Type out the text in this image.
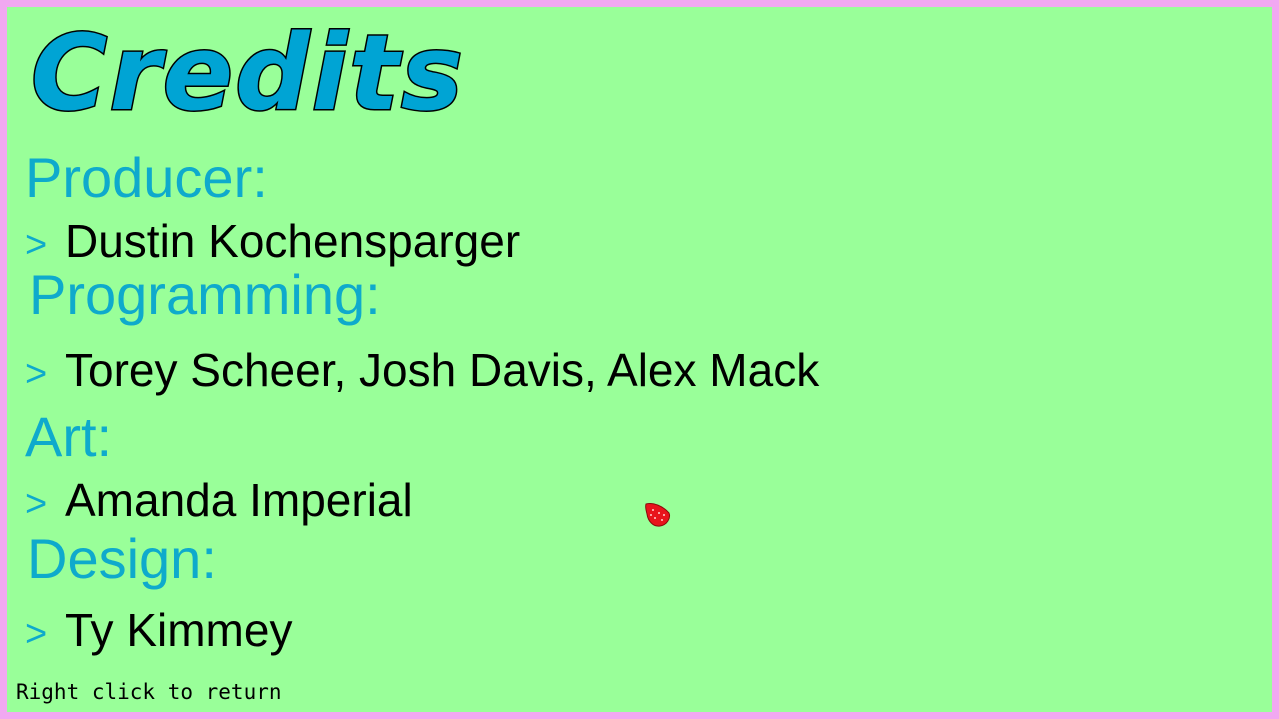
Credits
Producer:
> Dustin Kochensparger
Programming:
> Torey Scheer, Josh Davis, Alex Mack
Art:
> Amanda Imperial
Design:
> Ty Kimmey
Right click to return
